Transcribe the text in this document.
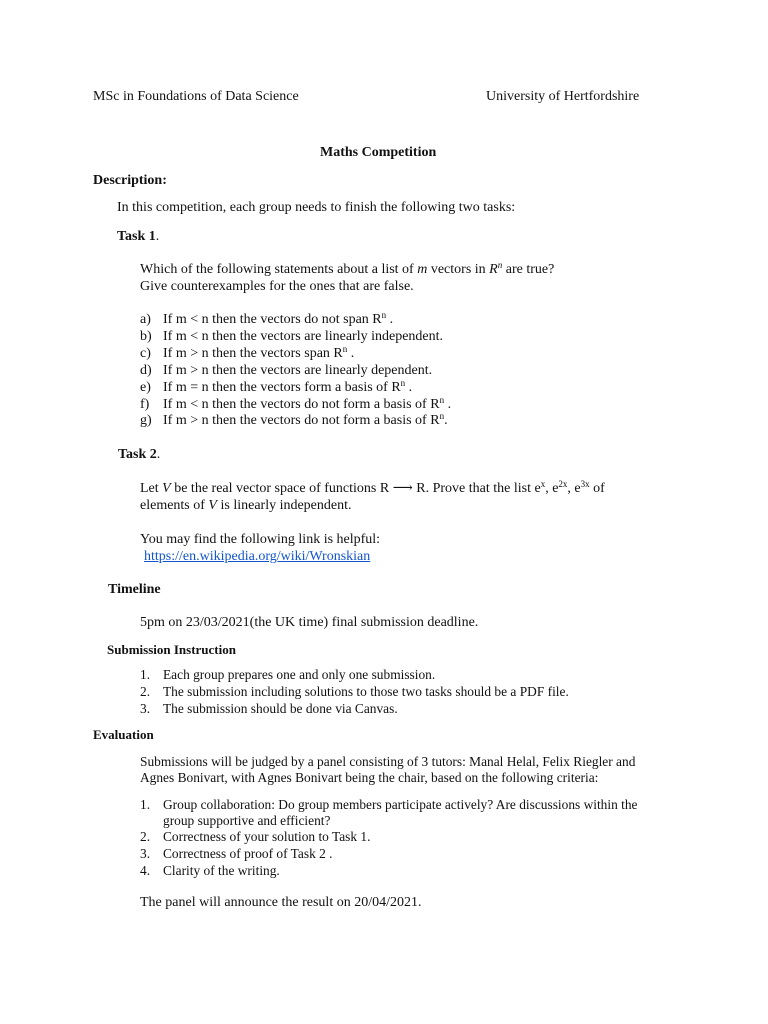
MSc in Foundations of Data Science	University of Hertfordshire
Maths Competition
Description:
In this competition, each group needs to finish the following two tasks:
Task 1.
Which of the following statements about a list of m vectors in $R^n$ are true?
Give counterexamples for the ones that are false.
a) If m < n then the vectors do not span $R^n$ .
b) If m < n then the vectors are linearly independent.
c) If m > n then the vectors span $R^n$ .
d) If m > n then the vectors are linearly dependent.
e) If m = n then the vectors form a basis of $R^n$ .
f) If m < n then the vectors do not form a basis of $R^n$ .
g) If m > n then the vectors do not form a basis of $R^n$.
Task 2.
Let V be the real vector space of functions R ⟶ R. Prove that the list $e^x$, $e^{2x}$, $e^{3x}$ of
elements of V is linearly independent.
You may find the following link is helpful:
https://en.wikipedia.org/wiki/Wronskian
Timeline
5pm on 23/03/2021(the UK time) final submission deadline.
Submission Instruction
1. Each group prepares one and only one submission.
2. The submission including solutions to those two tasks should be a PDF file.
3. The submission should be done via Canvas.
Evaluation
Submissions will be judged by a panel consisting of 3 tutors: Manal Helal, Felix Riegler and
Agnes Bonivart, with Agnes Bonivart being the chair, based on the following criteria:
1. Group collaboration: Do group members participate actively? Are discussions within the
group supportive and efficient?
2. Correctness of your solution to Task 1.
3. Correctness of proof of Task 2 .
4. Clarity of the writing.
The panel will announce the result on 20/04/2021.
